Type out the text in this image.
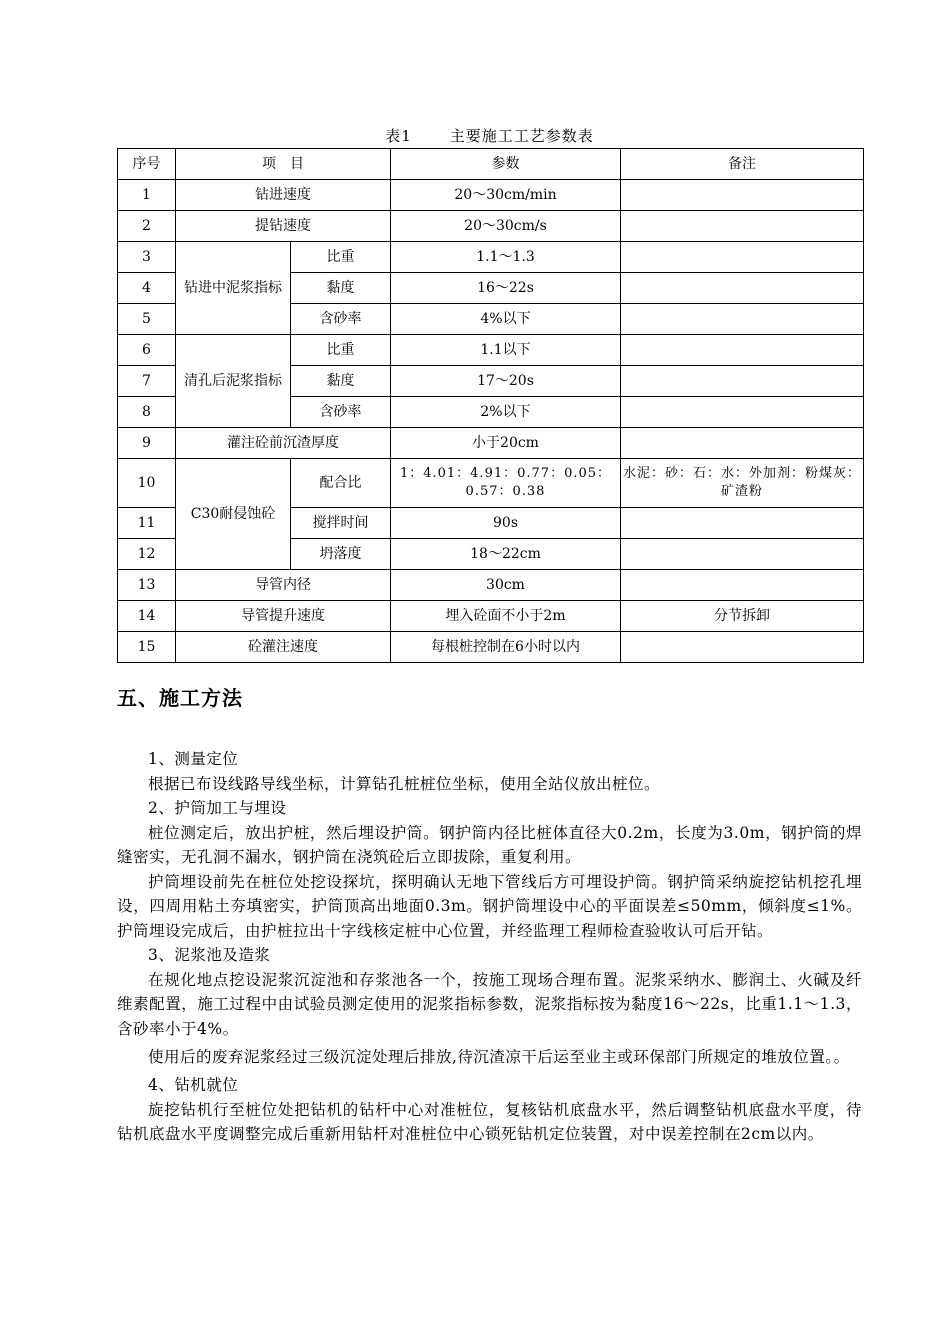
表1	主要施工工艺参数表
序号	项　目		参数	备注
1	钻进速度		20～30cm/min	
2	提钻速度		20～30cm/s	
3	钻进中泥浆指标	比重	1.1～1.3	
4		黏度	16～22s	
5		含砂率	4%以下	
6	清孔后泥浆指标	比重	1.1以下	
7		黏度	17～20s	
8		含砂率	2%以下	
9	灌注砼前沉渣厚度		小于20cm	
10	C30耐侵蚀砼	配合比	1：4.01：4.91：0.77：0.05：0.57：0.38	水泥：砂：石：水：外加剂：粉煤灰：矿渣粉
11		搅拌时间	90s	
12		坍落度	18～22cm	
13	导管内径		30cm	
14	导管提升速度		埋入砼面不小于2m	分节拆卸
15	砼灌注速度		每根桩控制在6小时以内	
五、施工方法

1、测量定位

根据已布设线路导线坐标，计算钻孔桩桩位坐标，使用全站仪放出桩位。

2、护筒加工与埋设

桩位测定后，放出护桩，然后埋设护筒。钢护筒内径比桩体直径大0.2m，长度为3.0m，钢护筒的焊缝密实，无孔洞不漏水，钢护筒在浇筑砼后立即拔除，重复利用。

护筒埋设前先在桩位处挖设探坑，探明确认无地下管线后方可埋设护筒。钢护筒采纳旋挖钻机挖孔埋设，四周用粘土夯填密实，护筒顶高出地面0.3m。钢护筒埋设中心的平面误差≤50mm，倾斜度≤1%。护筒埋设完成后，由护桩拉出十字线核定桩中心位置，并经监理工程师检查验收认可后开钻。

3、泥浆池及造浆

在规化地点挖设泥浆沉淀池和存浆池各一个，按施工现场合理布置。泥浆采纳水、膨润土、火碱及纤维素配置，施工过程中由试验员测定使用的泥浆指标参数，泥浆指标按为黏度16～22s，比重1.1～1.3，含砂率小于4%。

使用后的废弃泥浆经过三级沉淀处理后排放,待沉渣凉干后运至业主或环保部门所规定的堆放位置。。

4、钻机就位

旋挖钻机行至桩位处把钻机的钻杆中心对准桩位，复核钻机底盘水平，然后调整钻机底盘水平度，待钻机底盘水平度调整完成后重新用钻杆对准桩位中心锁死钻机定位装置，对中误差控制在2cm以内。
